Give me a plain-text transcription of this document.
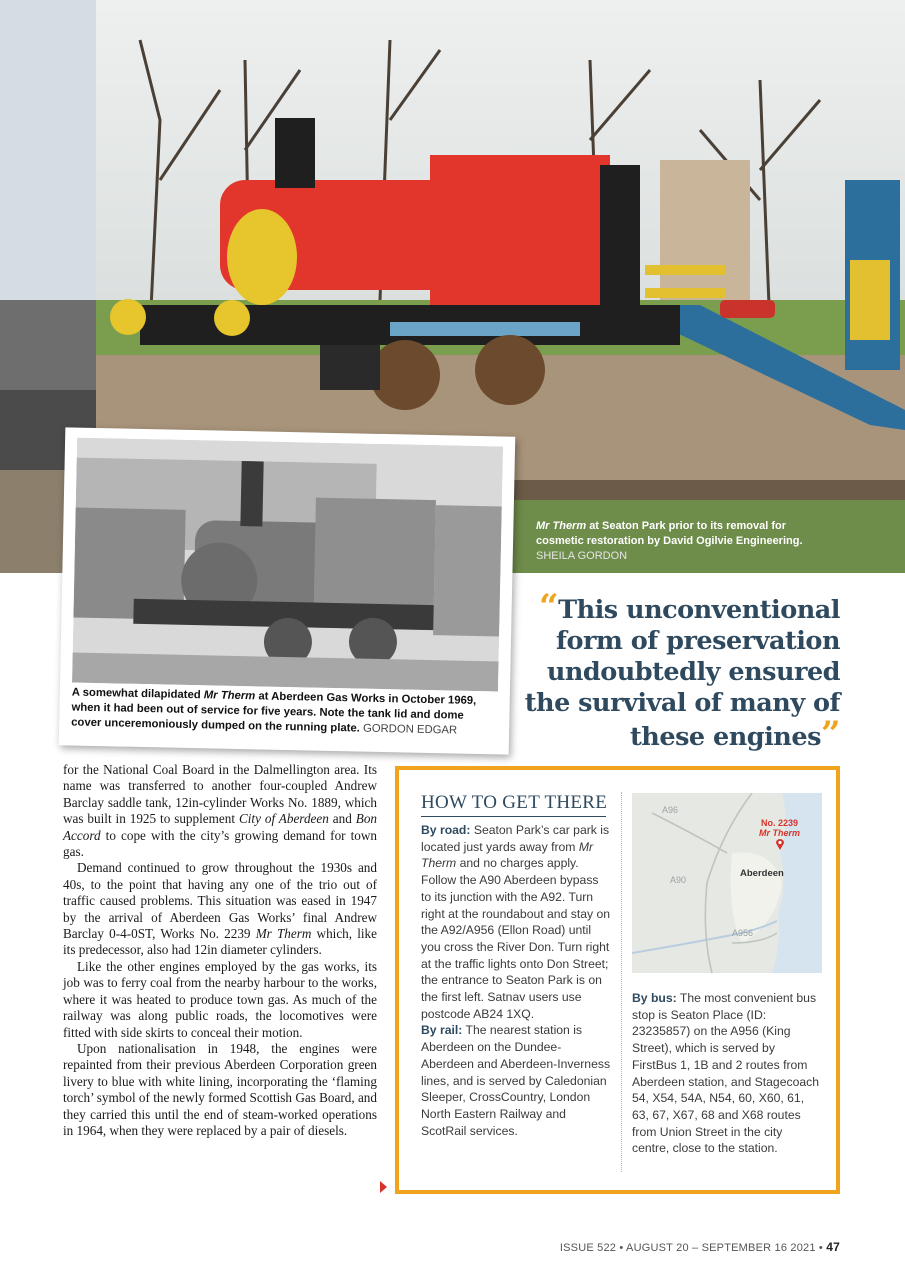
Mr Therm at Seaton Park prior to its removal for cosmetic restoration by David Ogilvie Engineering. SHEILA GORDON
A somewhat dilapidated Mr Therm at Aberdeen Gas Works in October 1969, when it had been out of service for five years. Note the tank lid and dome cover unceremoniously dumped on the running plate. GORDON EDGAR
“This unconventional form of preservation undoubtedly ensured the survival of many of these engines”

for the National Coal Board in the Dalmellington area. Its name was transferred to another four-coupled Andrew Barclay saddle tank, 12in-cylinder Works No. 1889, which was built in 1925 to supplement City of Aberdeen and Bon Accord to cope with the city’s growing demand for town gas.

Demand continued to grow throughout the 1930s and 40s, to the point that having any one of the trio out of traffic caused problems. This situation was eased in 1947 by the arrival of Aberdeen Gas Works’ final Andrew Barclay 0-4-0ST, Works No. 2239 Mr Therm which, like its predecessor, also had 12in diameter cylinders.

Like the other engines employed by the gas works, its job was to ferry coal from the nearby harbour to the works, where it was heated to produce town gas. As much of the railway was along public roads, the locomotives were fitted with side skirts to conceal their motion.

Upon nationalisation in 1948, the engines were repainted from their previous Aberdeen Corporation green livery to blue with white lining, incorporating the ‘flaming torch’ symbol of the newly formed Scottish Gas Board, and they carried this until the end of steam-worked operations in 1964, when they were replaced by a pair of diesels.

HOW TO GET THERE
By road: Seaton Park’s car park is located just yards away from Mr Therm and no charges apply. Follow the A90 Aberdeen bypass to its junction with the A92. Turn right at the roundabout and stay on the A92/A956 (Ellon Road) until you cross the River Don. Turn right at the traffic lights onto Don Street; the entrance to Seaton Park is on the first left. Satnav users use postcode AB24 1XQ.
By rail: The nearest station is Aberdeen on the Dundee-Aberdeen and Aberdeen-Inverness lines, and is served by Caledonian Sleeper, CrossCountry, London North Eastern Railway and ScotRail services.
A96
A90
A956
Aberdeen
No. 2239
Mr Therm
By bus: The most convenient bus stop is Seaton Place (ID: 23235857) on the A956 (King Street), which is served by FirstBus 1, 1B and 2 routes from Aberdeen station, and Stagecoach 54, X54, 54A, N54, 60, X60, 61, 63, 67, X67, 68 and X68 routes from Union Street in the city centre, close to the station.
ISSUE 522 • AUGUST 20 – SEPTEMBER 16 2021 • 47
